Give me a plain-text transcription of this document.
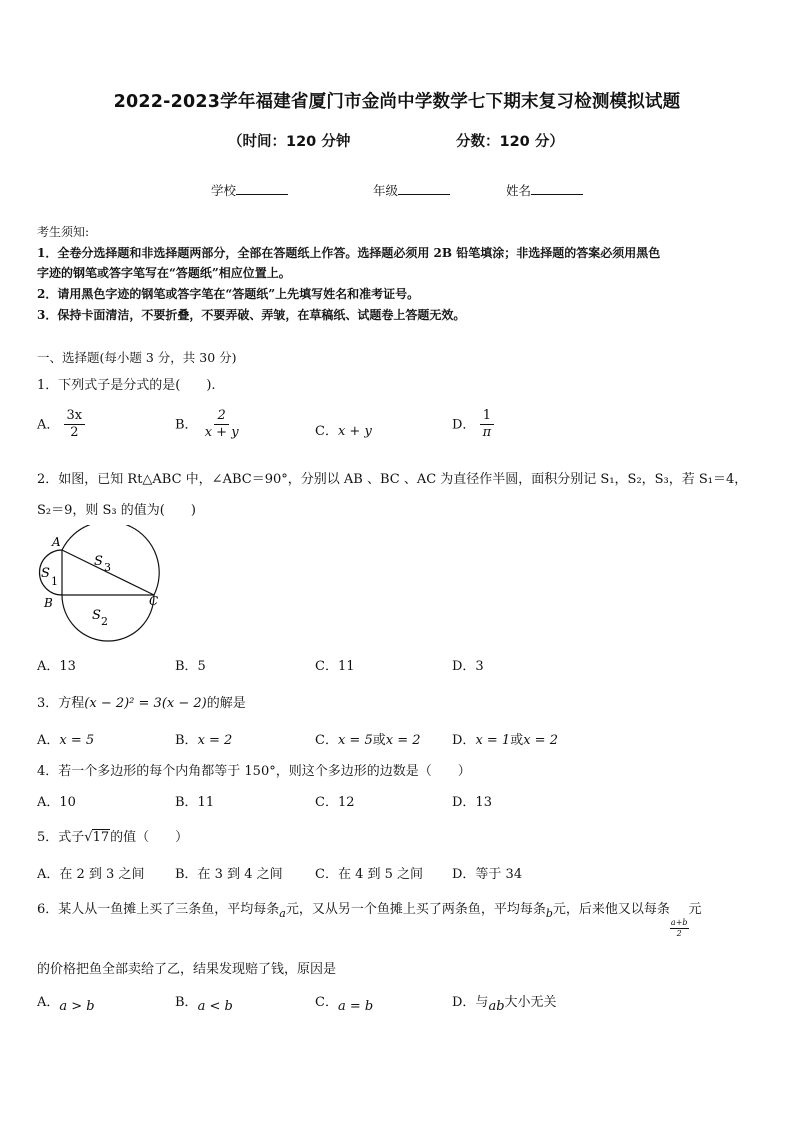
2022-2023学年福建省厦门市金尚中学数学七下期末复习检测模拟试题
（时间：120 分钟	分数：120 分）
学校	年级	姓名
考生须知:
1．全卷分选择题和非选择题两部分，全部在答题纸上作答。选择题必须用 2B 铅笔填涂；非选择题的答案必须用黑色
字迹的钢笔或答字笔写在“答题纸”相应位置上。
2．请用黑色字迹的钢笔或答字笔在“答题纸”上先填写姓名和准考证号。
3．保持卡面清洁，不要折叠，不要弄破、弄皱，在草稿纸、试题卷上答题无效。
一、选择题(每小题 3 分，共 30 分)
1．下列式子是分式的是(　　).
A． $\frac{3x}{2}$	B． $\frac{2}{x + y}$	C．x + y	D． $\frac{1}{\pi}$
2．如图，已知 Rt△ABC 中，∠ABC＝90°，分别以 AB 、BC 、AC 为直径作半圆，面积分别记 S₁，S₂，S₃，若 S₁＝4，
S₂＝9，则 S₃ 的值为(　　)
A
B	C
S
1
S 3
S 2
A．13	B．5	C．11	D．3
3．方程(x − 2)² = 3(x − 2)的解是
A．x = 5	B．x = 2	C．x = 5或x = 2 D．x = 1或x = 2
4．若一个多边形的每个内角都等于 150°，则这个多边形的边数是（　　）
A．10	B．11	C．12	D．13
5．式子√17的值（　　）
A．在 2 到 3 之间 B．在 3 到 4 之间 C．在 4 到 5 之间 D．等于 34
6．某人从一鱼摊上买了三条鱼，平均每条$_a$元，又从另一个鱼摊上买了两条鱼，平均每条$_b$元，后来他又以每条
$\frac{a+b}{2}$
元
的价格把鱼全部卖给了乙，结果发现赔了钱，原因是
A．a > b	B．a < b	C．a = b	D．与ab大小无关
